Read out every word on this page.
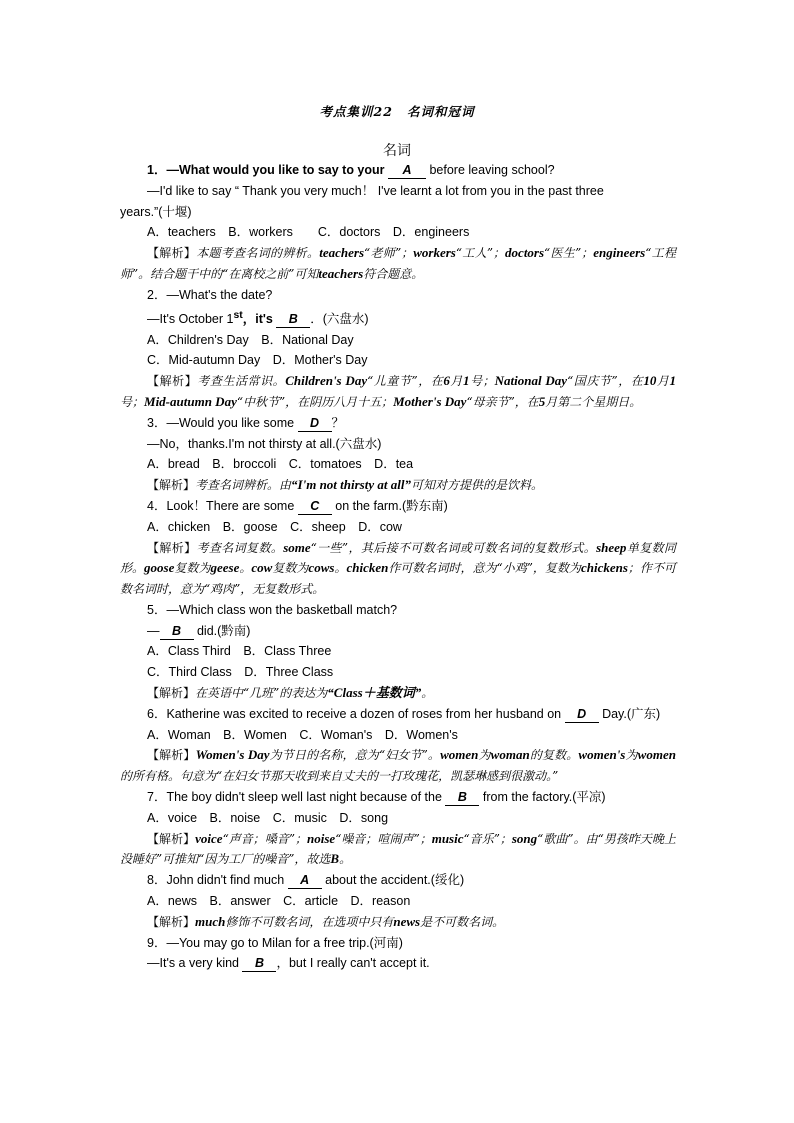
考点集训22 名词和冠词
名词
1．—What would you like to say to your A before leaving school?
—I'd like to say “ Thank you very much！ I've learnt a lot from you in the past three
years.”(十堰)
A．teachers　B．workers　　C．doctors　D．engineers
【解析】本题考查名词的辨析。teachers“老师”；workers“工人”；doctors“医生”；engineers“工程师”。结合题干中的“在离校之前”可知teachers符合题意。
2．—What's the date?
—It's October 1st，it's B ．(六盘水)
A．Children's Day　B．National Day
C．Mid-autumn Day　D．Mother's Day
【解析】考查生活常识。Children's Day“儿童节”，在6月1号；National Day“国庆节”，在10月1号；Mid-autumn Day“中秋节”，在阴历八月十五；Mother's Day“母亲节”，在5月第二个星期日。
3．—Would you like some D ？
—No，thanks.I'm not thirsty at all.(六盘水)
A．bread　B．broccoli　C．tomatoes　D．tea
【解析】考查名词辨析。由“I'm not thirsty at all”可知对方提供的是饮料。
4．Look！There are some C on the farm.(黔东南)
A．chicken　B．goose　C．sheep　D．cow
【解析】考查名词复数。some“一些”，其后接不可数名词或可数名词的复数形式。sheep单复数同形。goose复数为geese。cow复数为cows。chicken作可数名词时，意为“小鸡”，复数为chickens；作不可数名词时，意为“鸡肉”，无复数形式。
5．—Which class won the basketball match?
— B did.(黔南)
A．Class Third　B．Class Three
C．Third Class　D．Three Class
【解析】在英语中“几班”的表达为“Class＋基数词”。
6．Katherine was excited to receive a dozen of roses from her husband on D Day.(广东)
A．Woman　B．Women　C．Woman's　D．Women's
【解析】Women's Day为节日的名称，意为“妇女节”。women为woman的复数。women's为women的所有格。句意为“在妇女节那天收到来自丈夫的一打玫瑰花，凯瑟琳感到很激动。”
7．The boy didn't sleep well last night because of the B from the factory.(平凉)
A．voice　B．noise　C．music　D．song
【解析】voice“声音；嗓音”；noise“噪音；喧闹声”；music“音乐”；song“歌曲”。由“男孩昨天晚上没睡好”可推知“因为工厂的噪音”，故选B。
8．John didn't find much A about the accident.(绥化)
A．news　B．answer　C．article　D．reason
【解析】much修饰不可数名词，在选项中只有news是不可数名词。
9．—You may go to Milan for a free trip.(河南)
—It's a very kind B ，but I really can't accept it.
